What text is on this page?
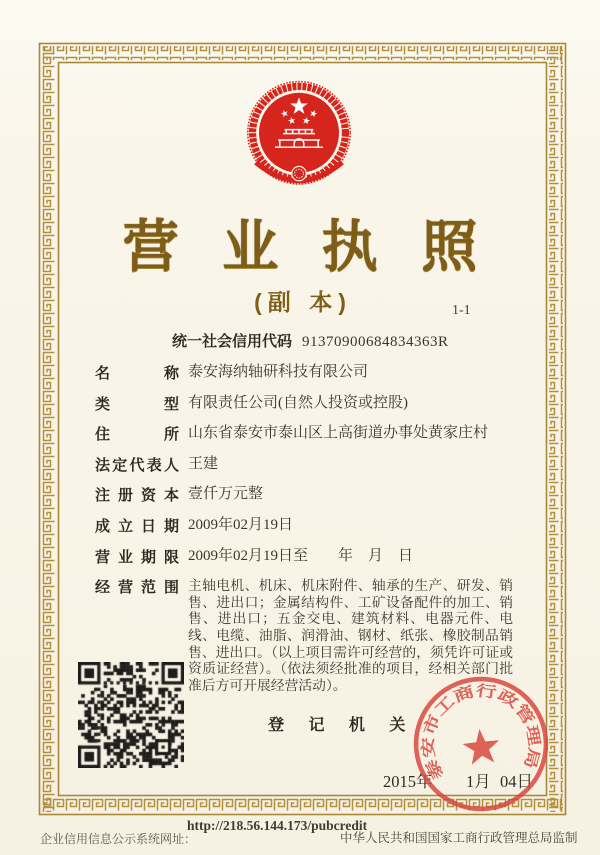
营 业 执 照
(副 本)	1-1
统一社会信用代码 91370900684834363R
名称 泰安海纳轴研科技有限公司
类型 有限责任公司(自然人投资或控股)
住所 山东省泰安市泰山区上高街道办事处黄家庄村
法定代表人 王建
注册资本 壹仟万元整
成立日期 2009年02月19日
营业期限 2009年02月19日至        年    月    日
经营范围 主轴电机、机床、机床附件、轴承的生产、研发、销售、进出口；金属结构件、工矿设备配件的加工、销售、进出口；五金交电、建筑材料、电器元件、电线、电缆、油脂、润滑油、钢材、纸张、橡胶制品销售、进出口。（以上项目需许可经营的，须凭许可证或资质证经营）。（依法须经批准的项目，经相关部门批准后方可开展经营活动）。
登 记 机 关
2015年 1月 04日
泰安市工商行政管理局
企业信用信息公示系统网址：
http://218.56.144.173/pubcredit
中华人民共和国国家工商行政管理总局监制
